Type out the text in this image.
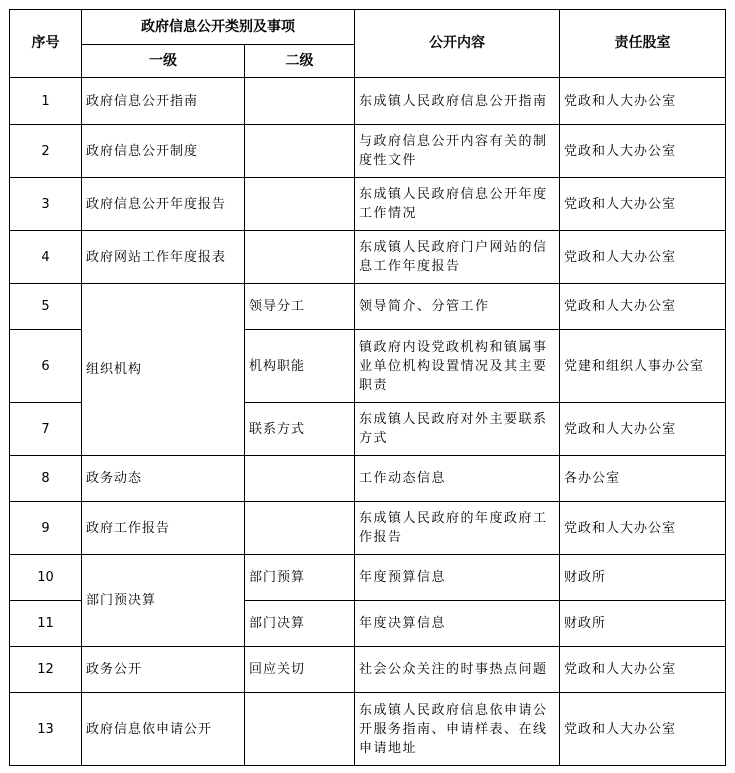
序号	政府信息公开类别及事项		公开内容	责任股室
	一级	二级		
1	政府信息公开指南		东成镇人民政府信息公开指南	党政和人大办公室
2	政府信息公开制度		与政府信息公开内容有关的制度性文件	党政和人大办公室
3	政府信息公开年度报告		东成镇人民政府信息公开年度工作情况	党政和人大办公室
4	政府网站工作年度报表		东成镇人民政府门户网站的信息工作年度报告	党政和人大办公室
5	组织机构	领导分工	领导简介、分管工作	党政和人大办公室
6		机构职能	镇政府内设党政机构和镇属事业单位机构设置情况及其主要职责	党建和组织人事办公室
7		联系方式	东成镇人民政府对外主要联系方式	党政和人大办公室
8	政务动态		工作动态信息	各办公室
9	政府工作报告		东成镇人民政府的年度政府工作报告	党政和人大办公室
10	部门预决算	部门预算	年度预算信息	财政所
11		部门决算	年度决算信息	财政所
12	政务公开	回应关切	社会公众关注的时事热点问题	党政和人大办公室
13	政府信息依申请公开		东成镇人民政府信息依申请公开服务指南、申请样表、在线申请地址	党政和人大办公室
